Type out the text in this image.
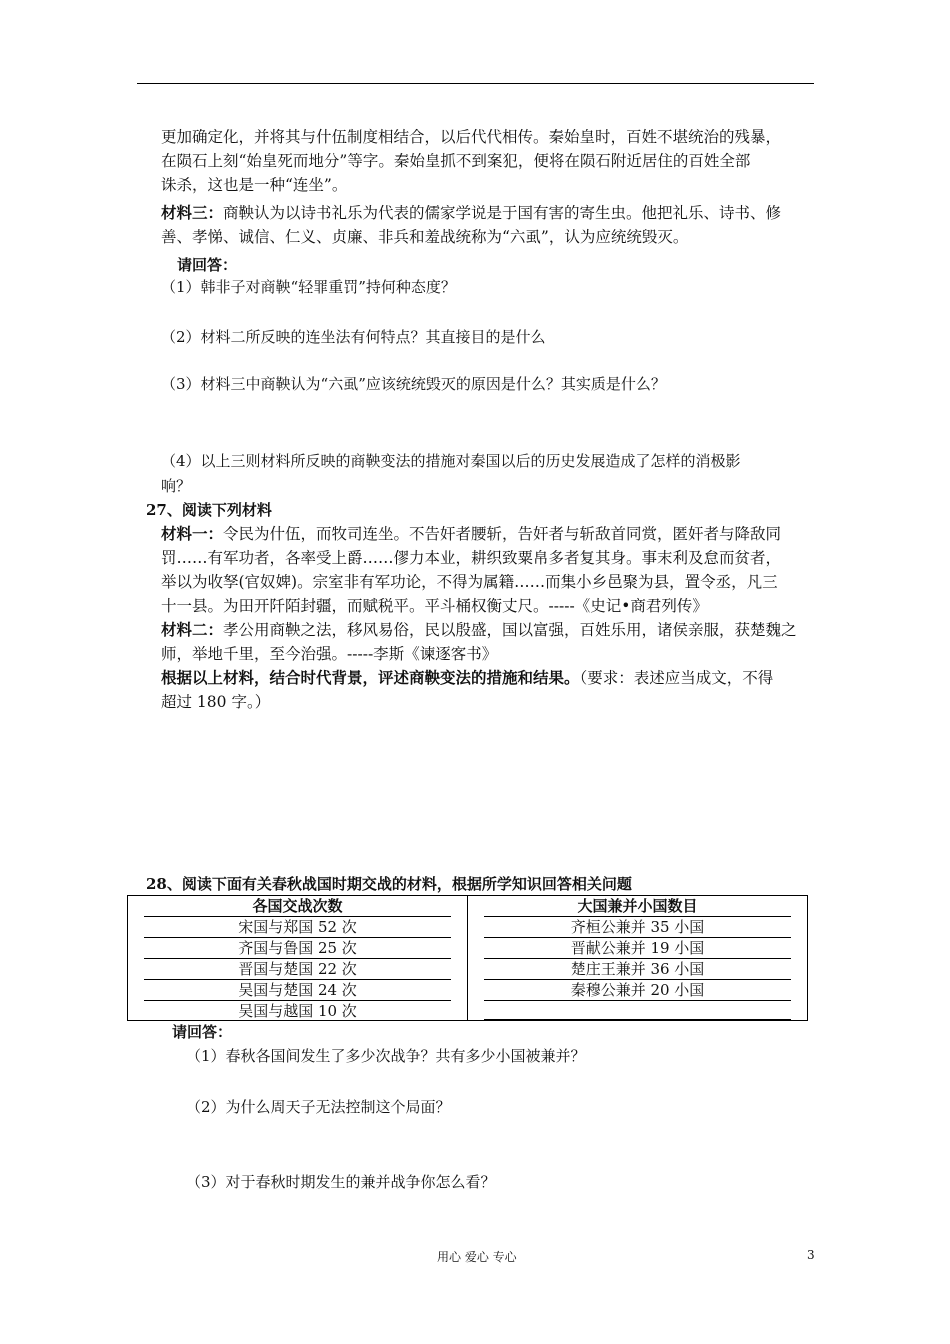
更加确定化，并将其与什伍制度相结合，以后代代相传。秦始皇时，百姓不堪统治的残暴，

在陨石上刻“始皇死而地分”等字。秦始皇抓不到案犯，便将在陨石附近居住的百姓全部

诛杀，这也是一种“连坐”。

材料三：商鞅认为以诗书礼乐为代表的儒家学说是于国有害的寄生虫。他把礼乐、诗书、修

善、孝悌、诚信、仁义、贞廉、非兵和羞战统称为“六虱”，认为应统统毁灭。

请回答：
（1）韩非子对商鞅“轻罪重罚”持何种态度？
（2）材料二所反映的连坐法有何特点？其直接目的是什么
（3）材料三中商鞅认为“六虱”应该统统毁灭的原因是什么？其实质是什么？
（4）以上三则材料所反映的商鞅变法的措施对秦国以后的历史发展造成了怎样的消极影
响？
27、阅读下列材料

材料一：令民为什伍，而牧司连坐。不告奸者腰斩，告奸者与斩敌首同赏，匿奸者与降敌同

罚……有军功者，各率受上爵……僇力本业，耕织致粟帛多者复其身。事末利及怠而贫者，

举以为收孥(官奴婢)。宗室非有军功论，不得为属籍……而集小乡邑聚为县，置令丞，凡三

十一县。为田开阡陌封疆，而赋税平。平斗桶权衡丈尺。-----《史记•商君列传》

材料二：孝公用商鞅之法，移风易俗，民以殷盛，国以富强，百姓乐用，诸侯亲服，获楚魏之

师，举地千里，至今治强。-----李斯《谏逐客书》

根据以上材料，结合时代背景，评述商鞅变法的措施和结果。（要求：表述应当成文，不得

超过 180 字。）

28、阅读下面有关春秋战国时期交战的材料，根据所学知识回答相关问题
各国交战次数
宋国与郑国 52 次
齐国与鲁国 25 次
晋国与楚国 22 次
吴国与楚国 24 次
吴国与越国 10 次
大国兼并小国数目
齐桓公兼并 35 小国
晋献公兼并 19 小国
楚庄王兼并 36 小国
秦穆公兼并 20 小国
请回答：
（1）春秋各国间发生了多少次战争？共有多少小国被兼并？
（2）为什么周天子无法控制这个局面？
（3）对于春秋时期发生的兼并战争你怎么看？
用心 爱心 专心	3
